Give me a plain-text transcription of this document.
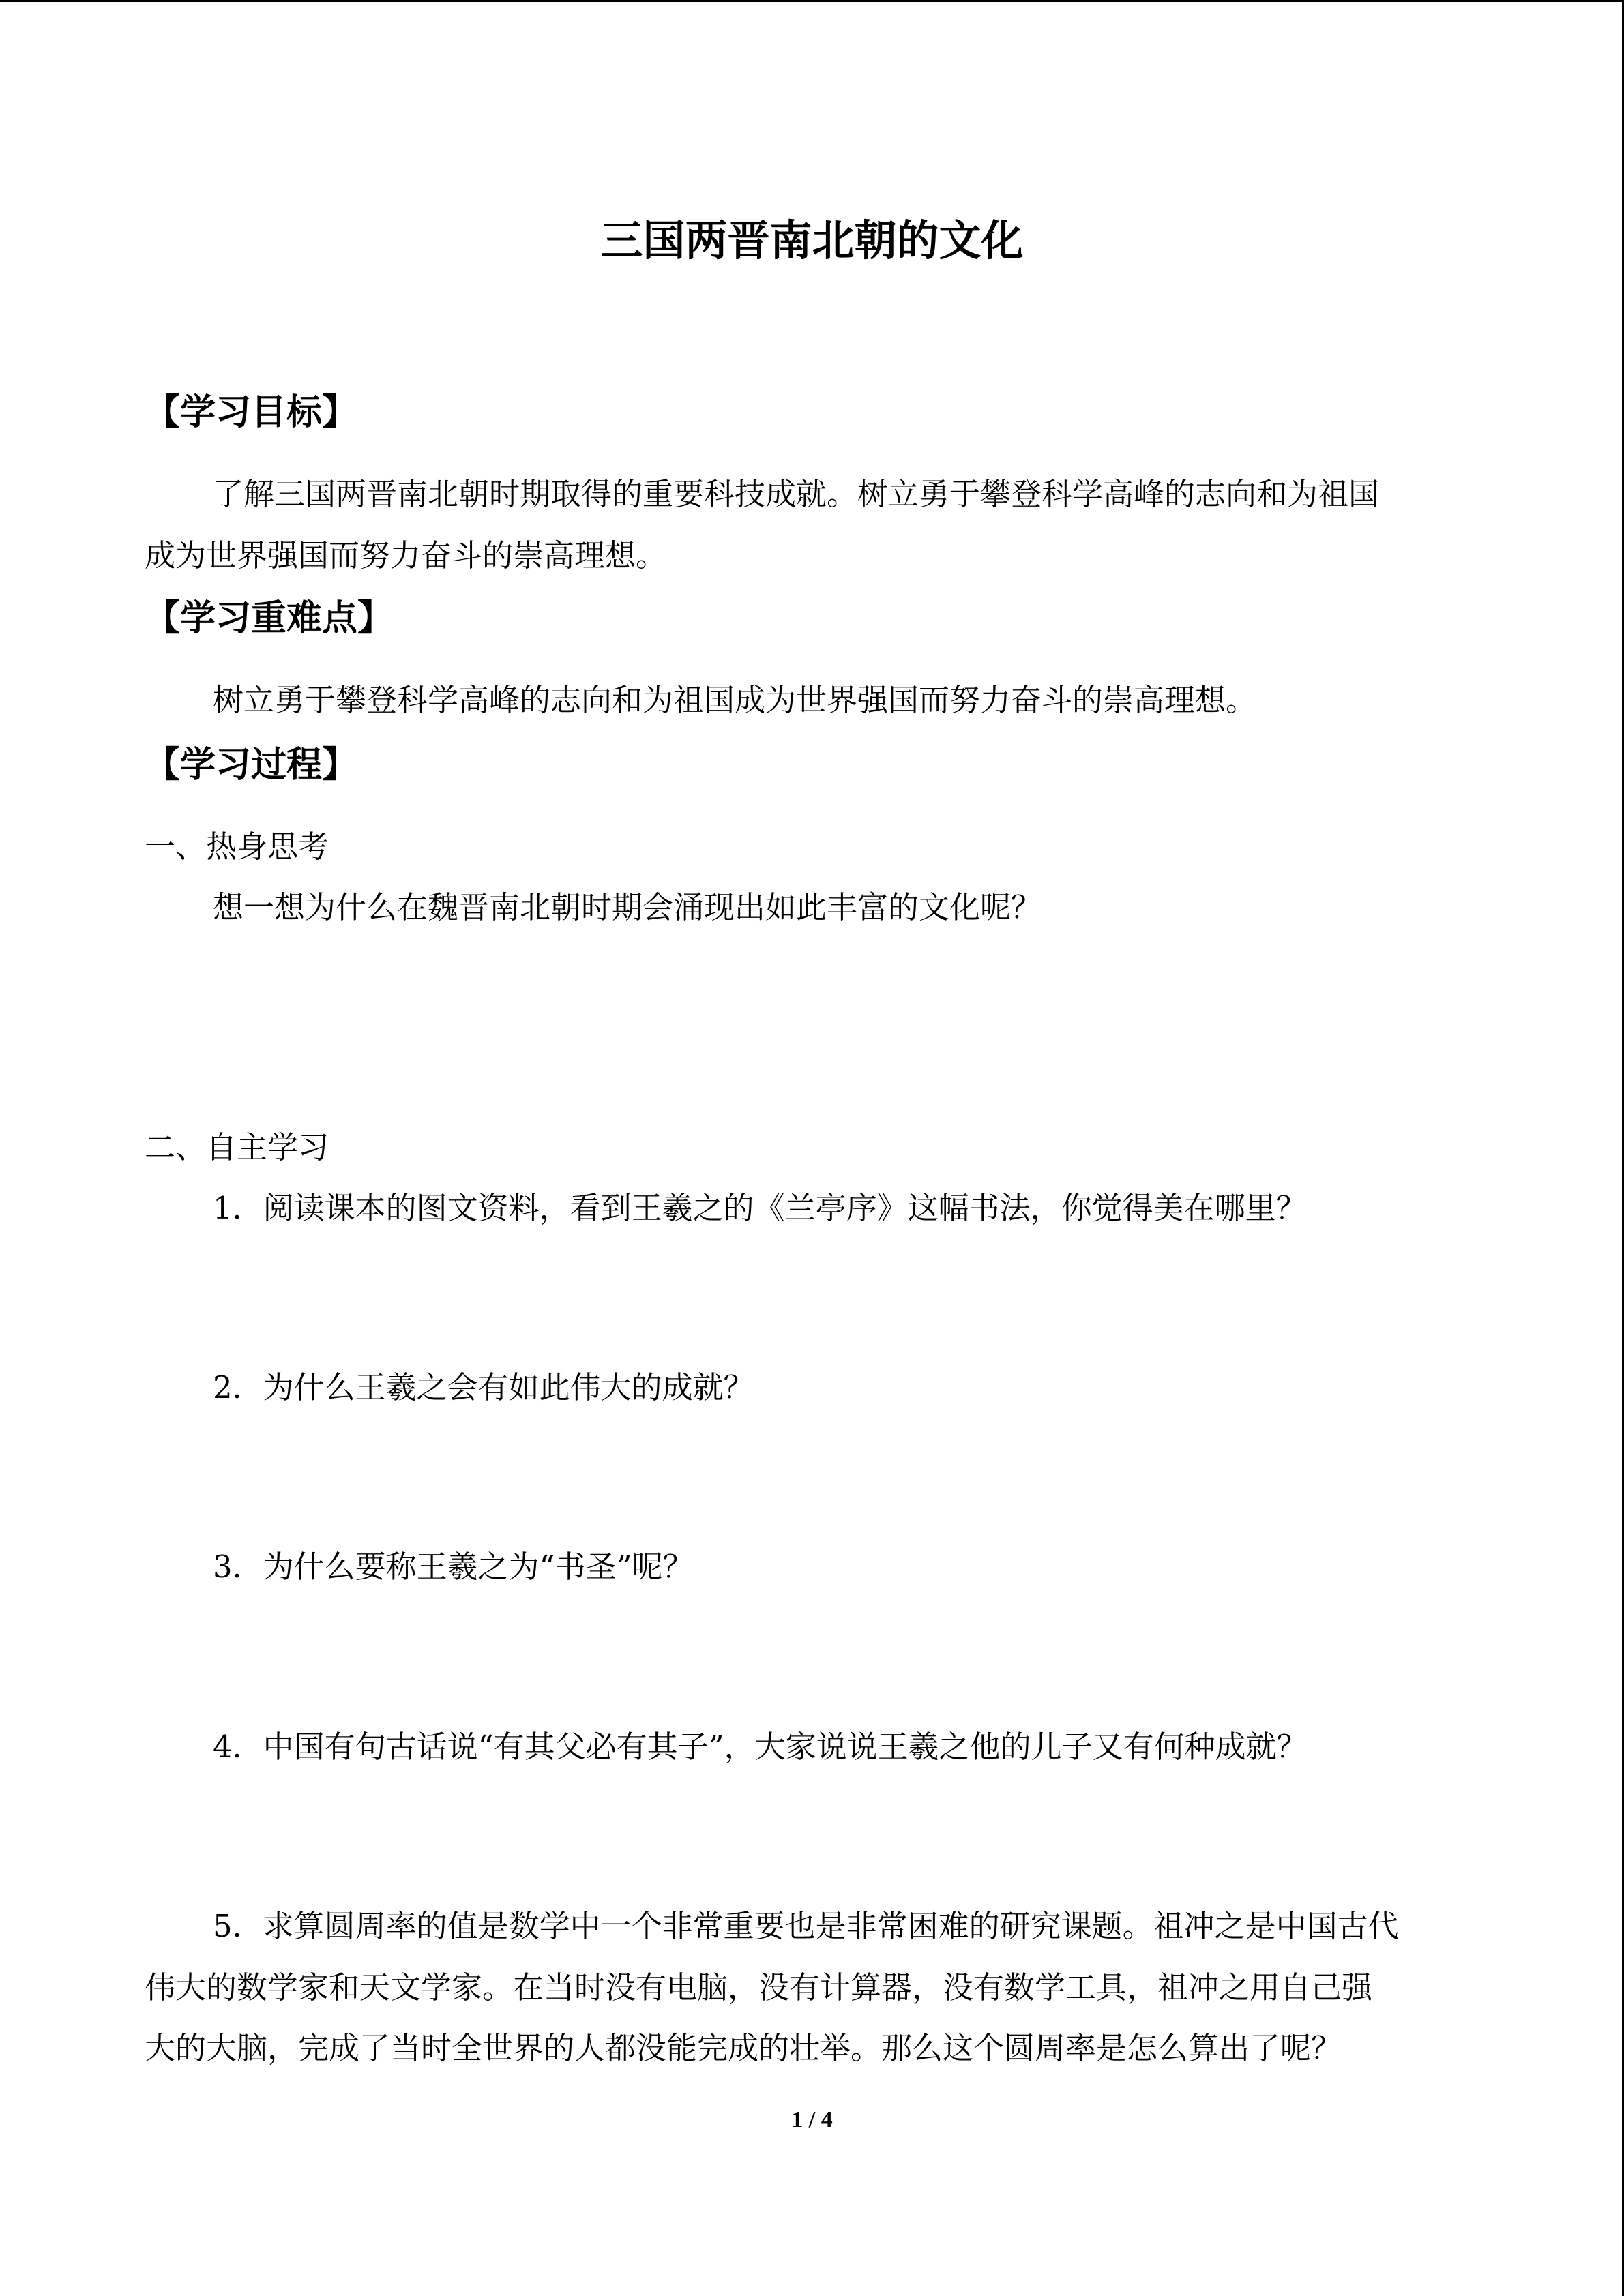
三国两晋南北朝的文化
【学习目标】
了解三国两晋南北朝时期取得的重要科技成就。树立勇于攀登科学高峰的志向和为祖国
成为世界强国而努力奋斗的崇高理想。
【学习重难点】
树立勇于攀登科学高峰的志向和为祖国成为世界强国而努力奋斗的崇高理想。
【学习过程】
一、热身思考
想一想为什么在魏晋南北朝时期会涌现出如此丰富的文化呢？
二、自主学习
1．阅读课本的图文资料，看到王羲之的《兰亭序》这幅书法，你觉得美在哪里？
2．为什么王羲之会有如此伟大的成就？
3．为什么要称王羲之为“书圣”呢？
4．中国有句古话说“有其父必有其子”，大家说说王羲之他的儿子又有何种成就？
5．求算圆周率的值是数学中一个非常重要也是非常困难的研究课题。祖冲之是中国古代
伟大的数学家和天文学家。在当时没有电脑，没有计算器，没有数学工具，祖冲之用自己强
大的大脑，完成了当时全世界的人都没能完成的壮举。那么这个圆周率是怎么算出了呢？
1 / 4
